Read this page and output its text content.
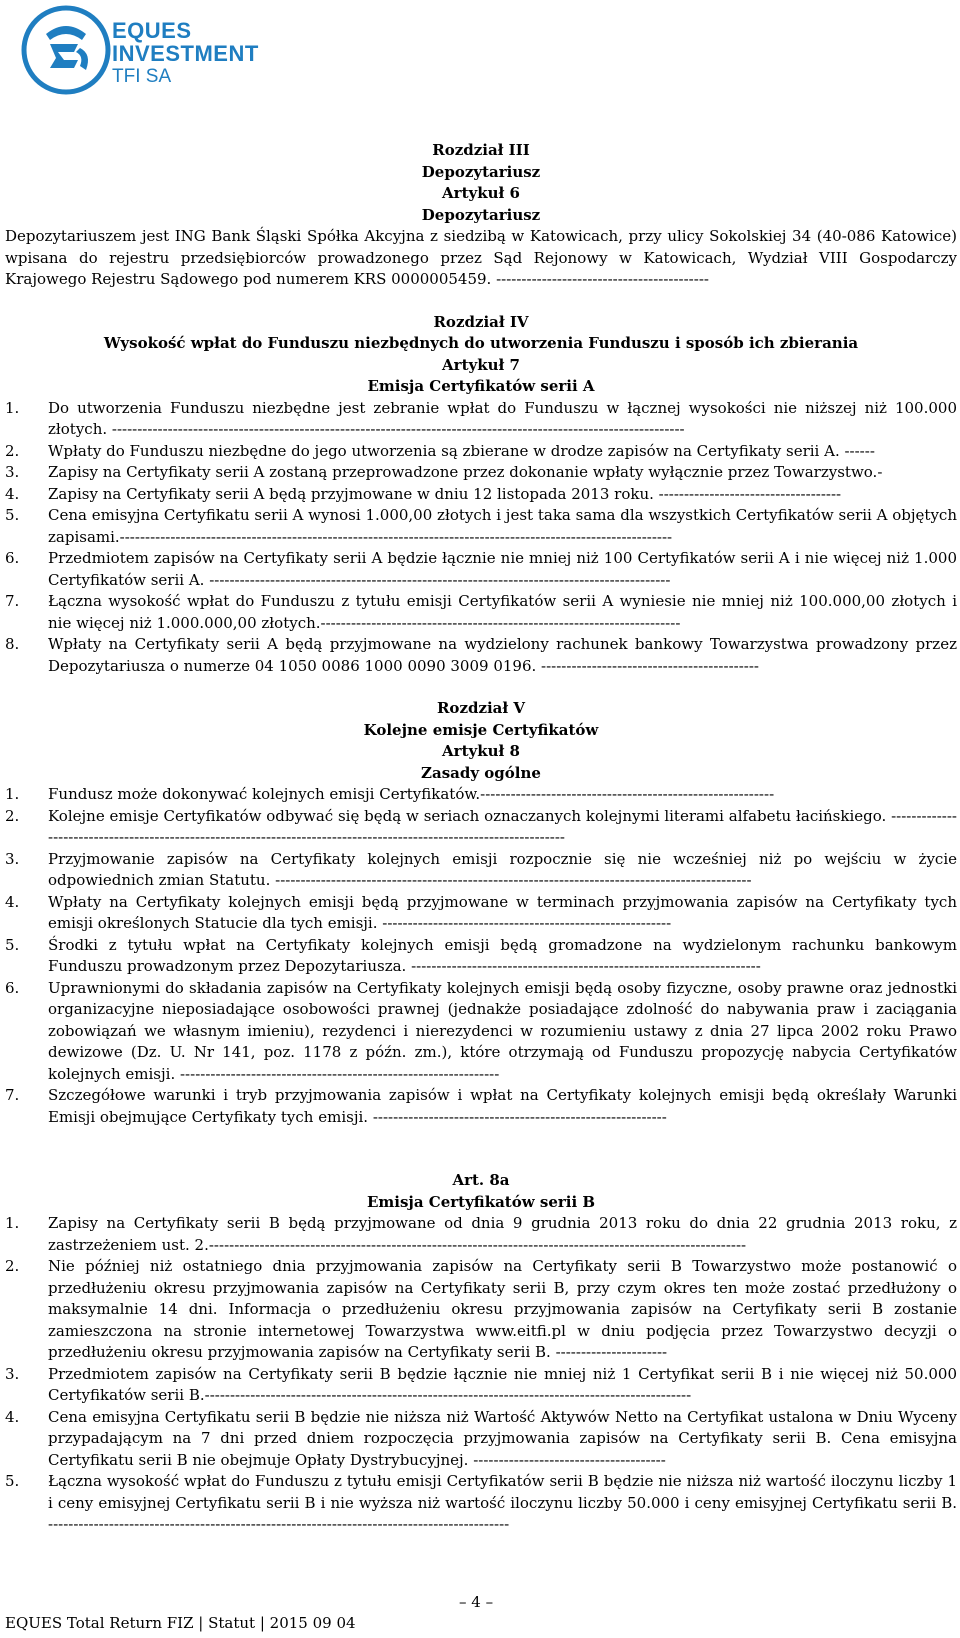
EQUES
INVESTMENT
TFI SA
Rozdział III
Depozytariusz
Artykuł 6
Depozytariusz
Depozytariuszem jest ING Bank Śląski Spółka Akcyjna z siedzibą w Katowicach, przy ulicy Sokolskiej 34 (40-086 Katowice) wpisana do rejestru przedsiębiorców prowadzonego przez Sąd Rejonowy w Katowicach, Wydział VIII Gospodarczy Krajowego Rejestru Sądowego pod numerem KRS 0000005459. ------------------------------------------
Rozdział IV
Wysokość wpłat do Funduszu niezbędnych do utworzenia Funduszu i sposób ich zbierania
Artykuł 7
Emisja Certyfikatów serii A
1. Do utworzenia Funduszu niezbędne jest zebranie wpłat do Funduszu w łącznej wysokości nie niższej niż 100.000 złotych. -----------------------------------------------------------------------------------------------------------------
2. Wpłaty do Funduszu niezbędne do jego utworzenia są zbierane w drodze zapisów na Certyfikaty serii A. ------
3. Zapisy na Certyfikaty serii A zostaną przeprowadzone przez dokonanie wpłaty wyłącznie przez Towarzystwo.-
4. Zapisy na Certyfikaty serii A będą przyjmowane w dniu 12 listopada 2013 roku. ------------------------------------
5. Cena emisyjna Certyfikatu serii A wynosi 1.000,00 złotych i jest taka sama dla wszystkich Certyfikatów serii A objętych zapisami.-------------------------------------------------------------------------------------------------------------
6. Przedmiotem zapisów na Certyfikaty serii A będzie łącznie nie mniej niż 100 Certyfikatów serii A i nie więcej niż 1.000 Certyfikatów serii A. -------------------------------------------------------------------------------------------
7. Łączna wysokość wpłat do Funduszu z tytułu emisji Certyfikatów serii A wyniesie nie mniej niż 100.000,00 złotych i nie więcej niż 1.000.000,00 złotych.-----------------------------------------------------------------------
8. Wpłaty na Certyfikaty serii A będą przyjmowane na wydzielony rachunek bankowy Towarzystwa prowadzony przez Depozytariusza o numerze 04 1050 0086 1000 0090 3009 0196. -------------------------------------------
Rozdział V
Kolejne emisje Certyfikatów
Artykuł 8
Zasady ogólne
1. Fundusz może dokonywać kolejnych emisji Certyfikatów.----------------------------------------------------------
2. Kolejne emisje Certyfikatów odbywać się będą w seriach oznaczanych kolejnymi literami alfabetu łacińskiego. -------------------------------------------------------------------------------------------------------------------
3. Przyjmowanie zapisów na Certyfikaty kolejnych emisji rozpocznie się nie wcześniej niż po wejściu w życie odpowiednich zmian Statutu. ----------------------------------------------------------------------------------------------
4. Wpłaty na Certyfikaty kolejnych emisji będą przyjmowane w terminach przyjmowania zapisów na Certyfikaty tych emisji określonych Statucie dla tych emisji. ---------------------------------------------------------
5. Środki z tytułu wpłat na Certyfikaty kolejnych emisji będą gromadzone na wydzielonym rachunku bankowym Funduszu prowadzonym przez Depozytariusza. ---------------------------------------------------------------------
6. Uprawnionymi do składania zapisów na Certyfikaty kolejnych emisji będą osoby fizyczne, osoby prawne oraz jednostki organizacyjne nieposiadające osobowości prawnej (jednakże posiadające zdolność do nabywania praw i zaciągania zobowiązań we własnym imieniu), rezydenci i nierezydenci w rozumieniu ustawy z dnia 27 lipca 2002 roku Prawo dewizowe (Dz. U. Nr 141, poz. 1178 z późn. zm.), które otrzymają od Funduszu propozycję nabycia Certyfikatów kolejnych emisji. ---------------------------------------------------------------
7. Szczegółowe warunki i tryb przyjmowania zapisów i wpłat na Certyfikaty kolejnych emisji będą określały Warunki Emisji obejmujące Certyfikaty tych emisji. ----------------------------------------------------------
Art. 8a
Emisja Certyfikatów serii B
1. Zapisy na Certyfikaty serii B będą przyjmowane od dnia 9 grudnia 2013 roku do dnia 22 grudnia 2013 roku, z zastrzeżeniem ust. 2.----------------------------------------------------------------------------------------------------------
2. Nie później niż ostatniego dnia przyjmowania zapisów na Certyfikaty serii B Towarzystwo może postanowić o przedłużeniu okresu przyjmowania zapisów na Certyfikaty serii B, przy czym okres ten może zostać przedłużony o maksymalnie 14 dni. Informacja o przedłużeniu okresu przyjmowania zapisów na Certyfikaty serii B zostanie zamieszczona na stronie internetowej Towarzystwa www.eitfi.pl w dniu podjęcia przez Towarzystwo decyzji o przedłużeniu okresu przyjmowania zapisów na Certyfikaty serii B. ----------------------
3. Przedmiotem zapisów na Certyfikaty serii B będzie łącznie nie mniej niż 1 Certyfikat serii B i nie więcej niż 50.000 Certyfikatów serii B.------------------------------------------------------------------------------------------------
4. Cena emisyjna Certyfikatu serii B będzie nie niższa niż Wartość Aktywów Netto na Certyfikat ustalona w Dniu Wyceny przypadającym na 7 dni przed dniem rozpoczęcia przyjmowania zapisów na Certyfikaty serii B. Cena emisyjna Certyfikatu serii B nie obejmuje Opłaty Dystrybucyjnej. --------------------------------------
5. Łączna wysokość wpłat do Funduszu z tytułu emisji Certyfikatów serii B będzie nie niższa niż wartość iloczynu liczby 1 i ceny emisyjnej Certyfikatu serii B i nie wyższa niż wartość iloczynu liczby 50.000 i ceny emisyjnej Certyfikatu serii B. -------------------------------------------------------------------------------------------
– 4 –
EQUES Total Return FIZ | Statut | 2015 09 04
